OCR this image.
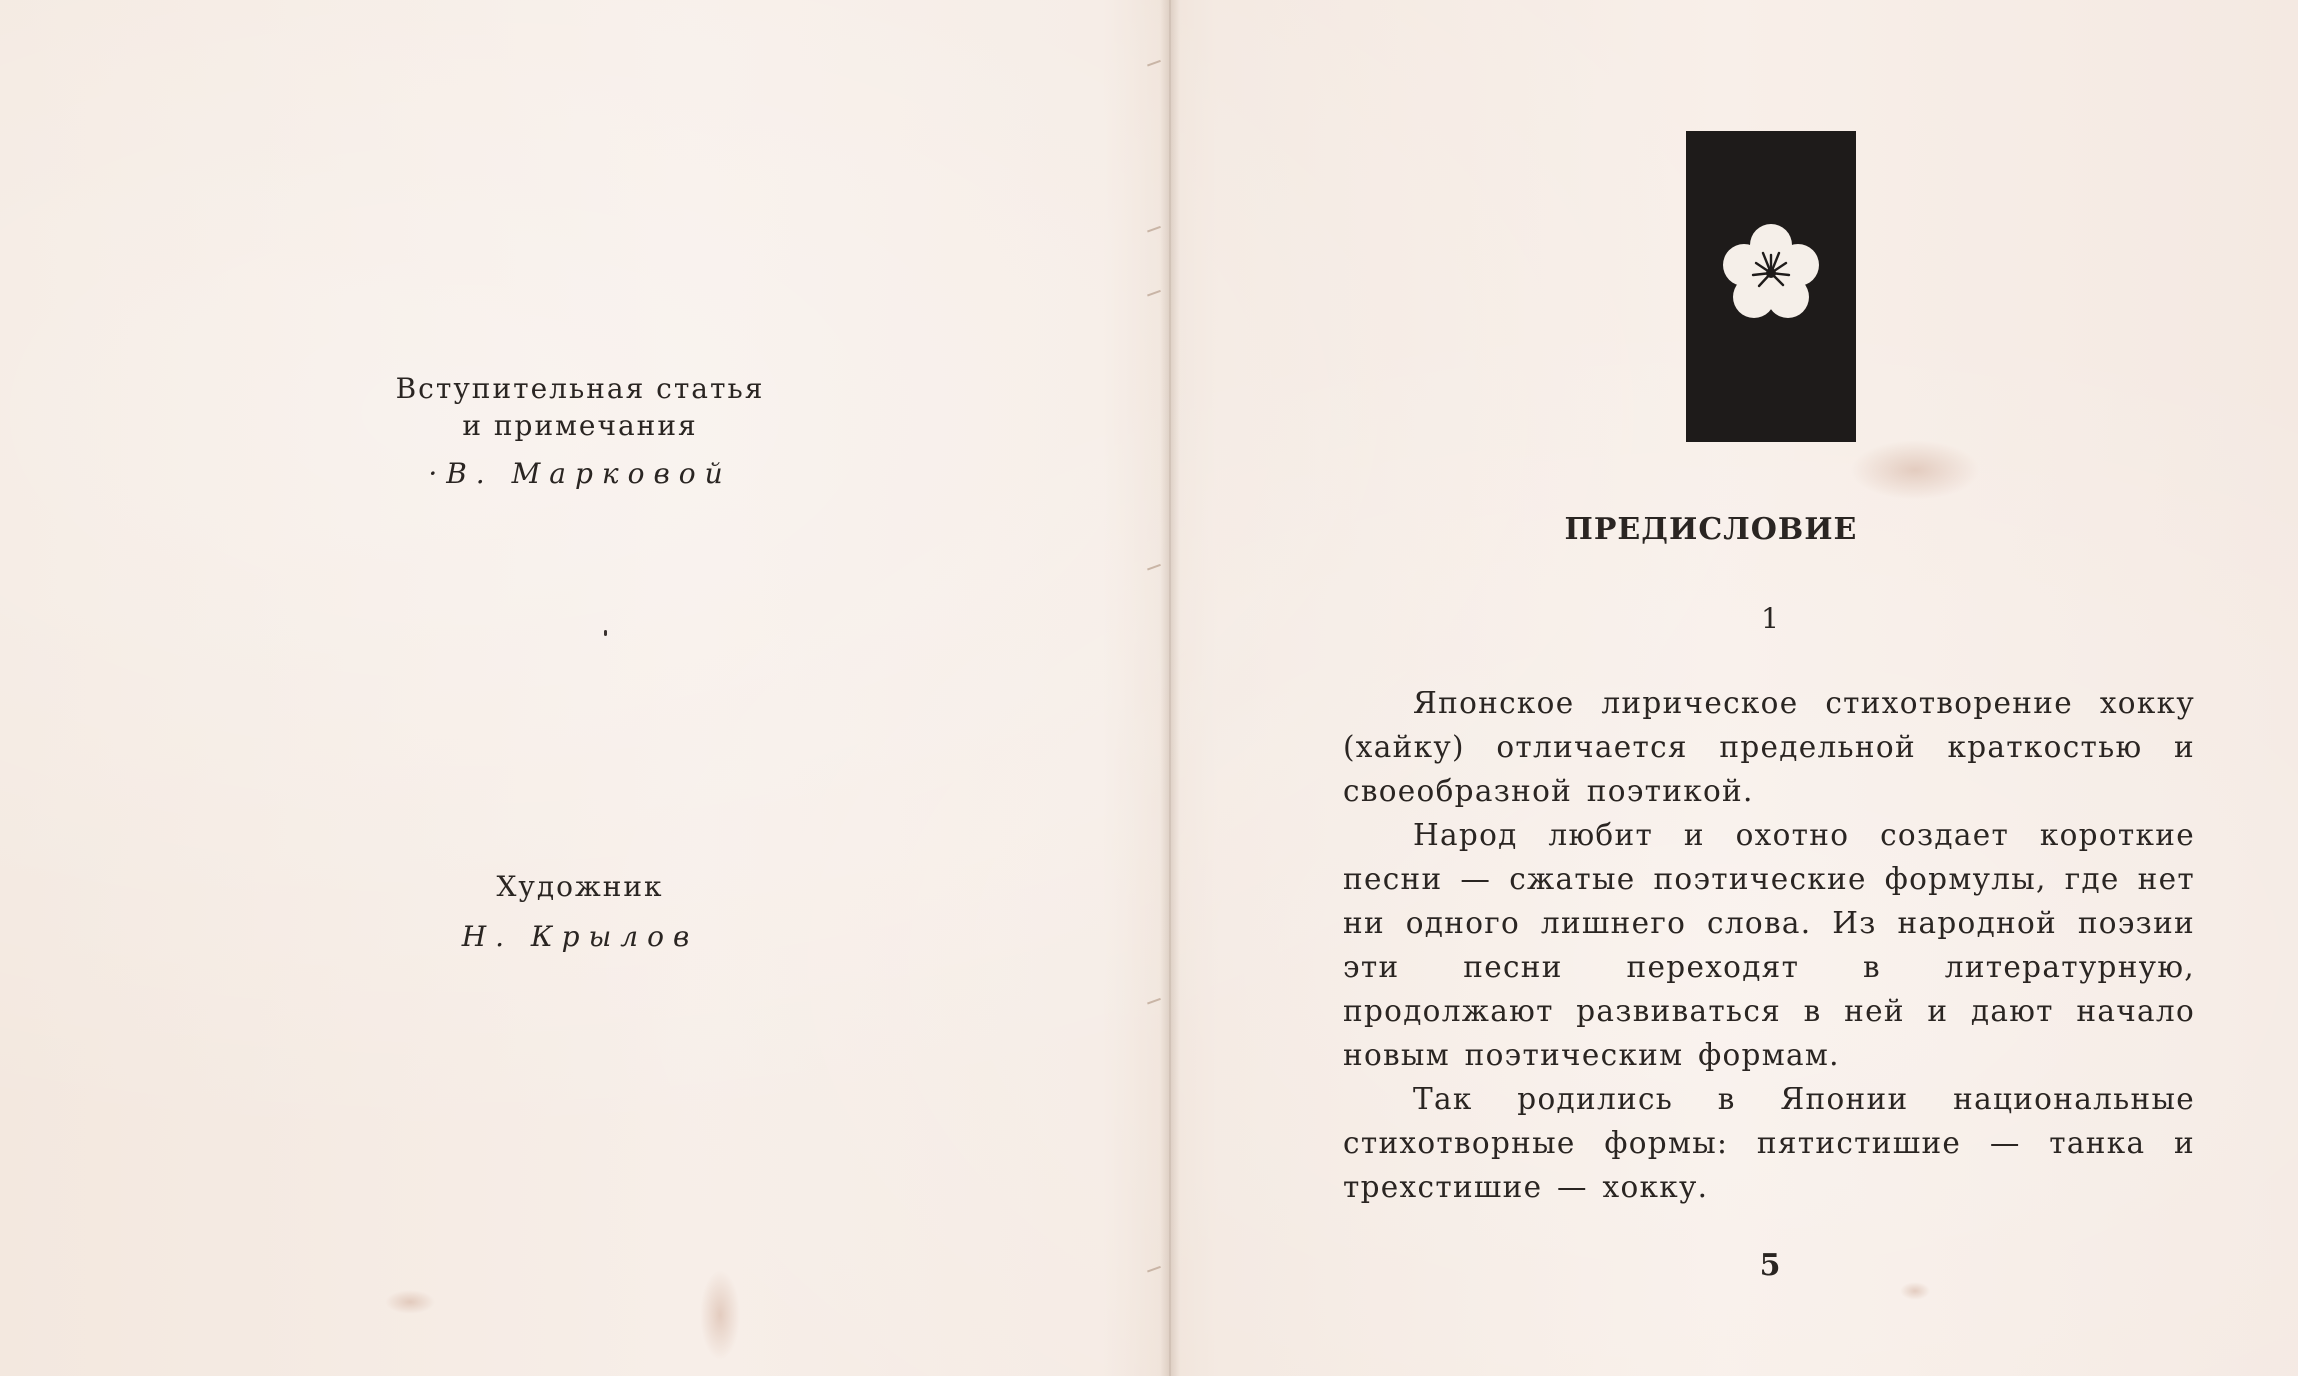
Вступительная статья
и примечания
·В. Марковой
Художник
Н. Крылов
ПРЕДИСЛОВИЕ
1

Японское лирическое стихотворение хокку (хайку) отличается предельной краткостью и своеобразной поэтикой.

Народ любит и охотно создает короткие песни — сжатые поэтические формулы, где нет ни одного лишнего слова. Из народной поэзии эти песни переходят в литературную, продолжают развиваться в ней и дают начало новым поэтическим формам.

Так родились в Японии национальные стихотворные формы: пятистишие — танка и трехстишие — хокку.

5
